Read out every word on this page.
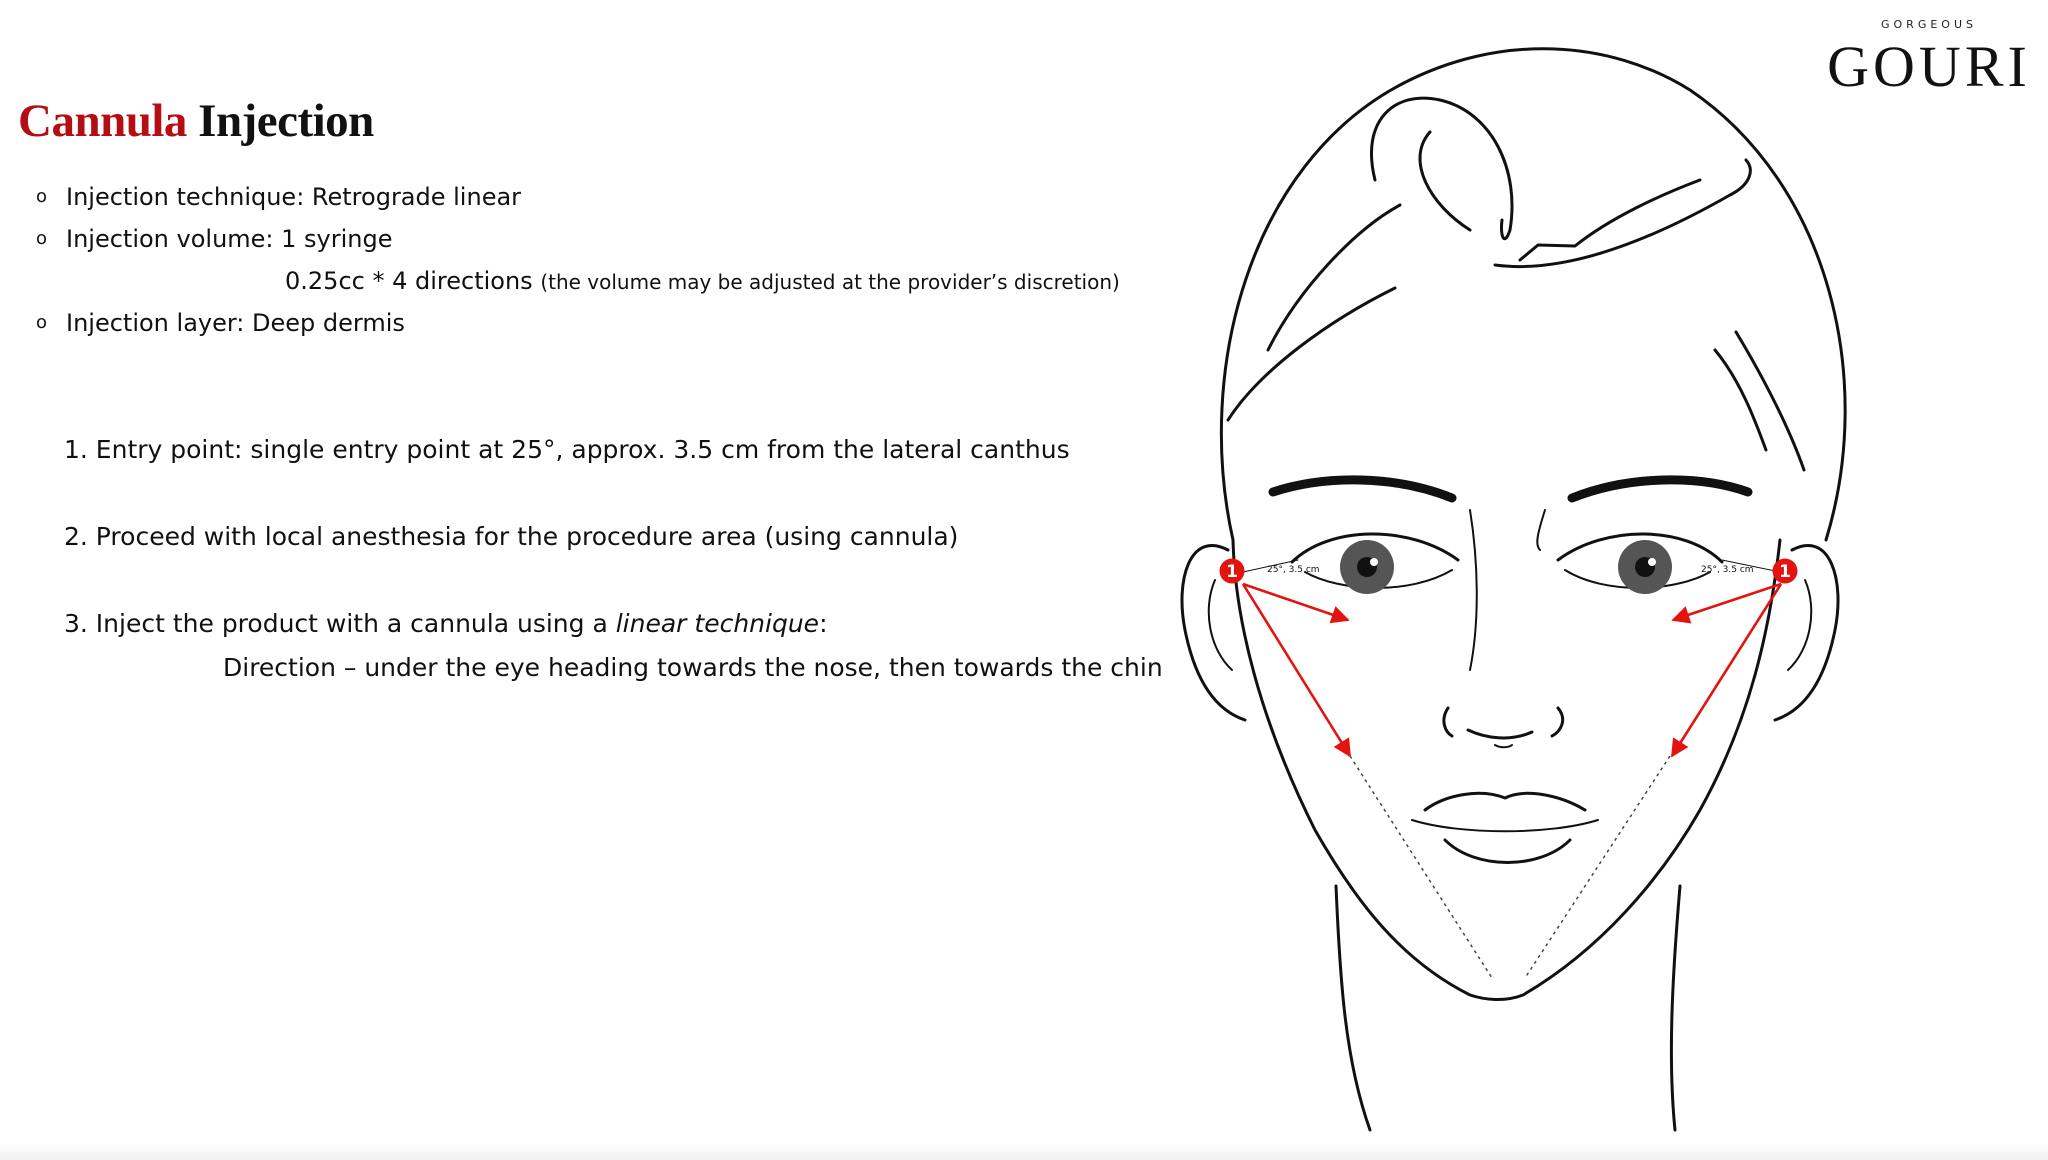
Cannula Injection
GORGEOUS
GOURI
o Injection technique: Retrograde linear
o Injection volume: 1 syringe
0.25cc * 4 directions (the volume may be adjusted at the provider’s discretion)
o Injection layer: Deep dermis
1. Entry point: single entry point at 25°, approx. 3.5 cm from the lateral canthus
2. Proceed with local anesthesia for the procedure area (using cannula)
3. Inject the product with a cannula using a linear technique:
Direction – under the eye heading towards the nose, then towards the chin
25°, 3.5 cm	25°, 3.5 cm
1	1
